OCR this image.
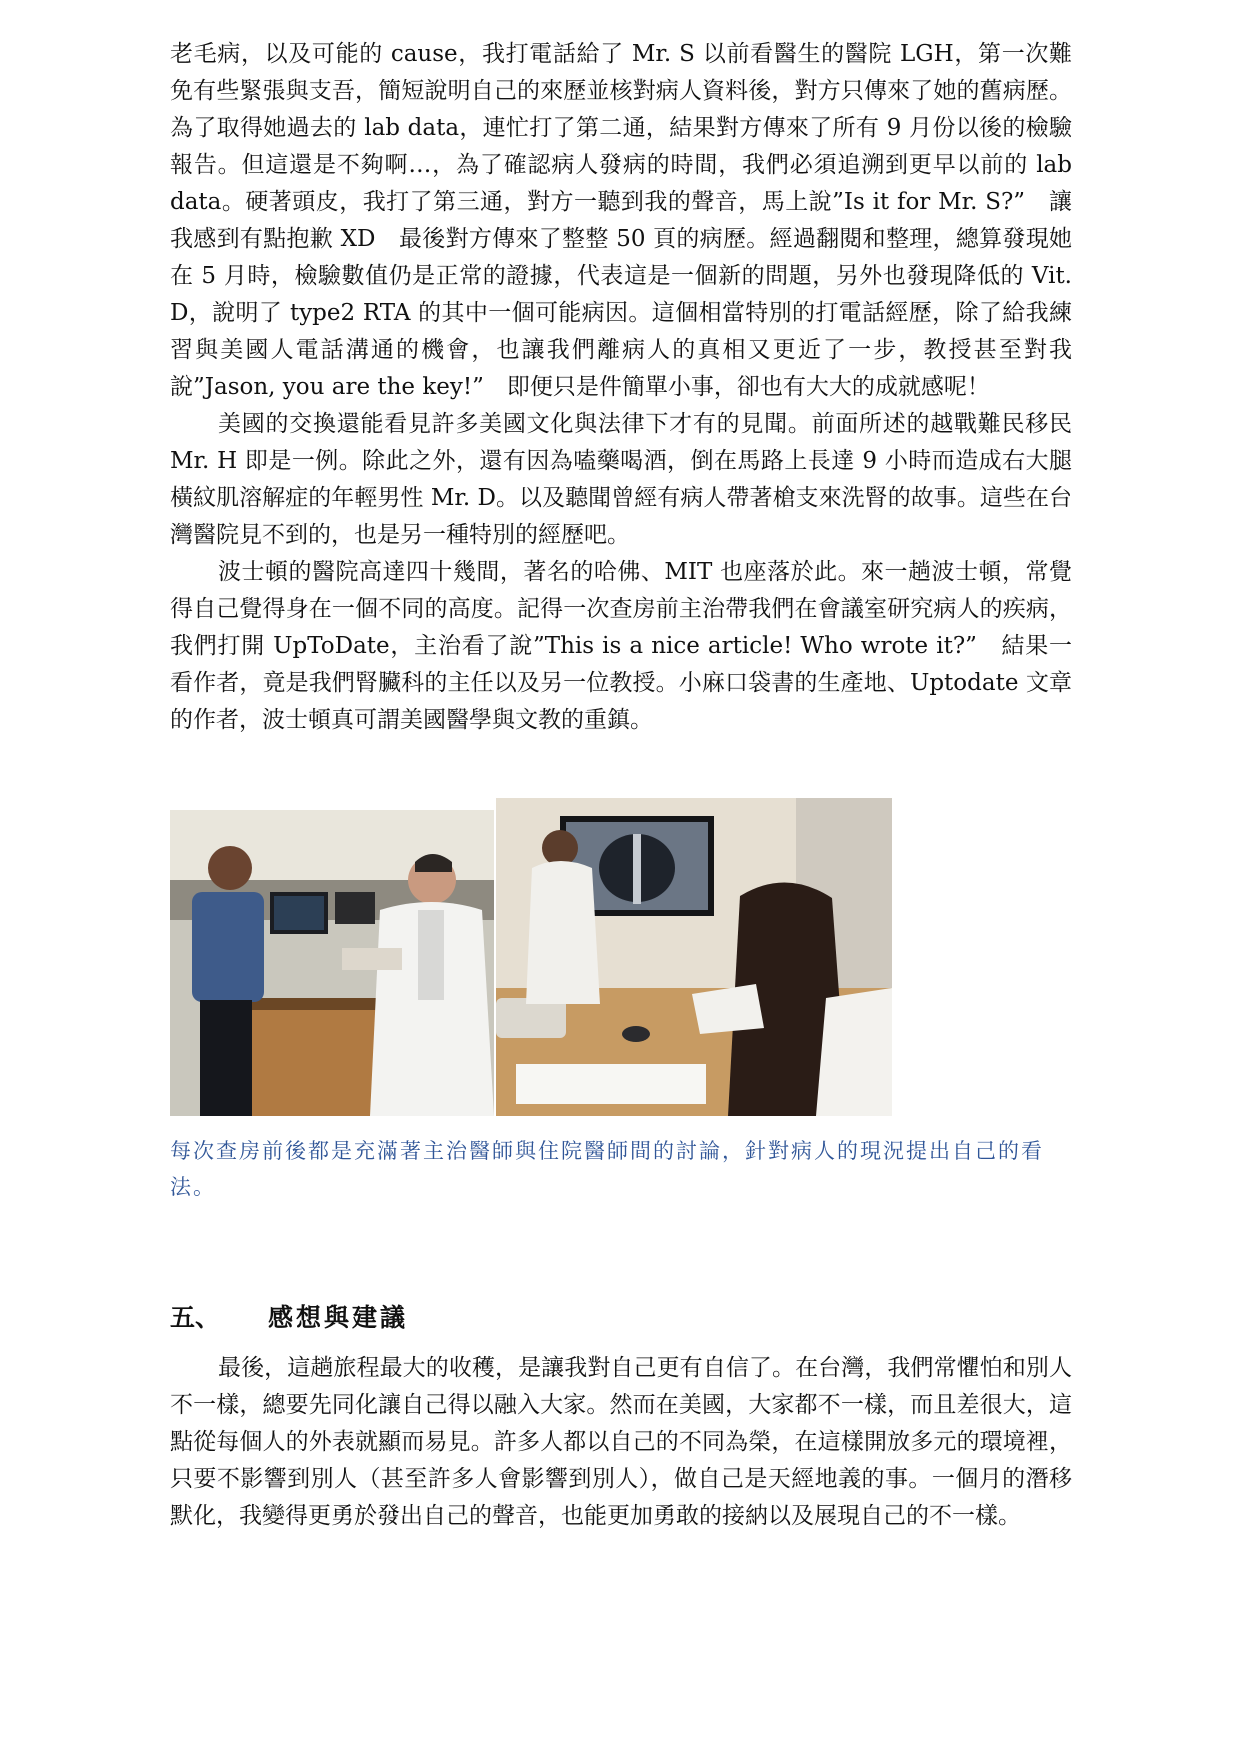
老毛病，以及可能的 cause，我打電話給了 Mr. S 以前看醫生的醫院 LGH，第一次難免有些緊張與支吾，簡短說明自己的來歷並核對病人資料後，對方只傳來了她的舊病歷。為了取得她過去的 lab data，連忙打了第二通，結果對方傳來了所有 9 月份以後的檢驗報告。但這還是不夠啊…，為了確認病人發病的時間，我們必須追溯到更早以前的 lab data。硬著頭皮，我打了第三通，對方一聽到我的聲音，馬上說”Is it for Mr. S?”　讓我感到有點抱歉 XD　最後對方傳來了整整 50 頁的病歷。經過翻閱和整理，總算發現她在 5 月時，檢驗數值仍是正常的證據，代表這是一個新的問題，另外也發現降低的 Vit. D，說明了 type2 RTA 的其中一個可能病因。這個相當特別的打電話經歷，除了給我練習與美國人電話溝通的機會，也讓我們離病人的真相又更近了一步，教授甚至對我說”Jason, you are the key!”　即便只是件簡單小事，卻也有大大的成就感呢！

美國的交換還能看見許多美國文化與法律下才有的見聞。前面所述的越戰難民移民 Mr. H 即是一例。除此之外，還有因為嗑藥喝酒，倒在馬路上長達 9 小時而造成右大腿橫紋肌溶解症的年輕男性 Mr. D。以及聽聞曾經有病人帶著槍支來洗腎的故事。這些在台灣醫院見不到的，也是另一種特別的經歷吧。

波士頓的醫院高達四十幾間，著名的哈佛、MIT 也座落於此。來一趟波士頓，常覺得自己覺得身在一個不同的高度。記得一次查房前主治帶我們在會議室研究病人的疾病，我們打開 UpToDate，主治看了說”This is a nice article! Who wrote it?”　結果一看作者，竟是我們腎臟科的主任以及另一位教授。小麻口袋書的生產地、Uptodate 文章的作者，波士頓真可謂美國醫學與文教的重鎮。

每次查房前後都是充滿著主治醫師與住院醫師間的討論，針對病人的現況提出自己的看法。
五、 感想與建議

最後，這趟旅程最大的收穫，是讓我對自己更有自信了。在台灣，我們常懼怕和別人不一樣，總要先同化讓自己得以融入大家。然而在美國，大家都不一樣，而且差很大，這點從每個人的外表就顯而易見。許多人都以自己的不同為榮，在這樣開放多元的環境裡，只要不影響到別人（甚至許多人會影響到別人），做自己是天經地義的事。一個月的潛移默化，我變得更勇於發出自己的聲音，也能更加勇敢的接納以及展現自己的不一樣。
